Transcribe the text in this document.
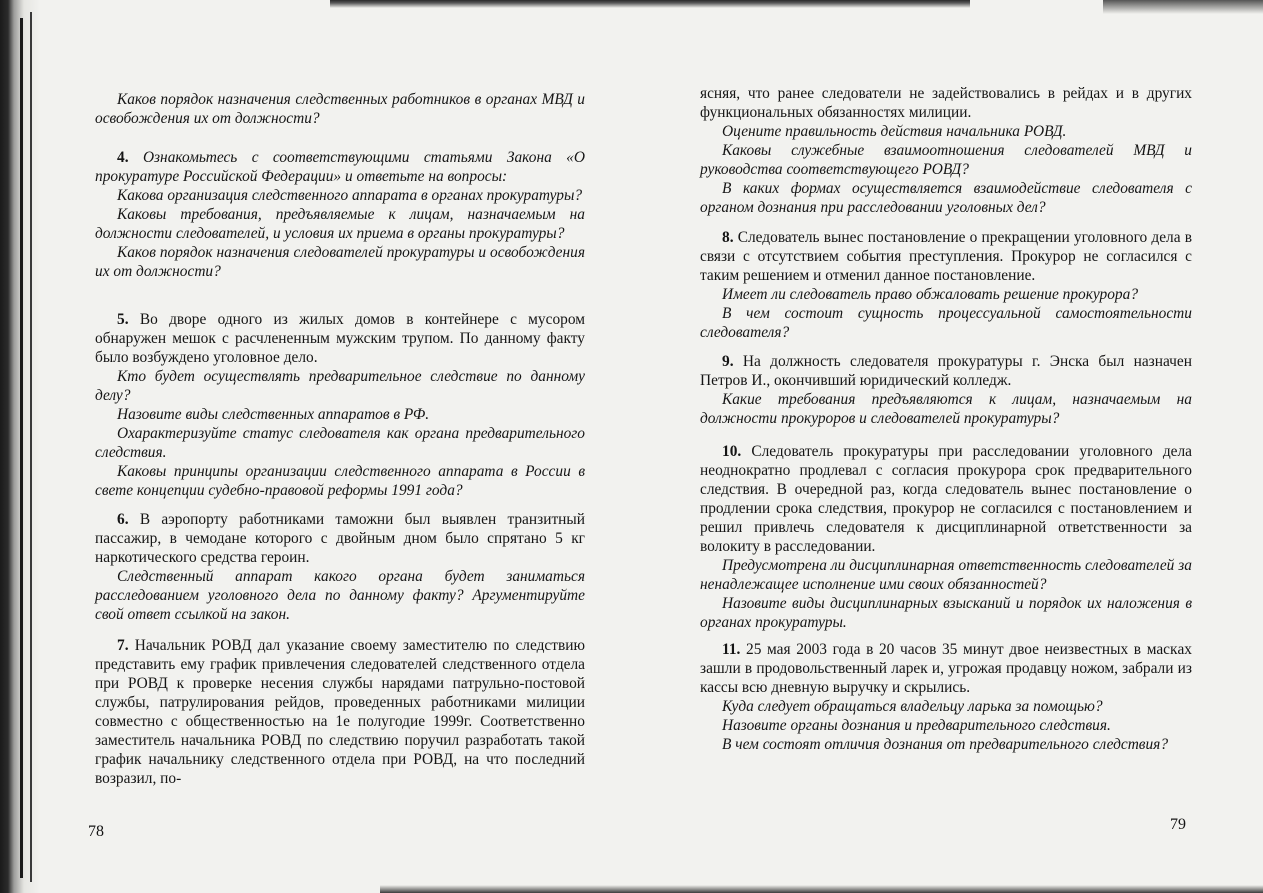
Каков порядок назначения следственных работников в органах МВД и освобождения их от должности?

4. Ознакомьтесь с соответствующими статьями Закона «О прокуратуре Российской Федерации» и ответьте на вопросы:

Какова организация следственного аппарата в органах прокуратуры?

Каковы требования, предъявляемые к лицам, назначаемым на должности следователей, и условия их приема в органы прокуратуры?

Каков порядок назначения следователей прокуратуры и освобождения их от должности?

5. Во дворе одного из жилых домов в контейнере с мусором обнаружен мешок с расчлененным мужским трупом. По данному факту было возбуждено уголовное дело.

Кто будет осуществлять предварительное следствие по данному делу?

Назовите виды следственных аппаратов в РФ.

Охарактеризуйте статус следователя как органа предварительного следствия.

Каковы принципы организации следственного аппарата в России в свете концепции судебно-правовой реформы 1991 года?

6. В аэропорту работниками таможни был выявлен транзитный пассажир, в чемодане которого с двойным дном было спрятано 5 кг наркотического средства героин.

Следственный аппарат какого органа будет заниматься расследованием уголовного дела по данному факту? Аргументируйте свой ответ ссылкой на закон.

7. Начальник РОВД дал указание своему заместителю по следствию представить ему график привлечения следователей следственного отдела при РОВД к проверке несения службы нарядами патрульно-постовой службы, патрулирования рейдов, проведенных работниками милиции совместно с общественностью на 1е полугодие 1999г. Соответственно заместитель начальника РОВД по следствию поручил разработать такой график начальнику следственного отдела при РОВД, на что последний возразил, по-

ясняя, что ранее следователи не задействовались в рейдах и в других функциональных обязанностях милиции.

Оцените правильность действия начальника РОВД.

Каковы служебные взаимоотношения следователей МВД и руководства соответствующего РОВД?

В каких формах осуществляется взаимодействие следователя с органом дознания при расследовании уголовных дел?

8. Следователь вынес постановление о прекращении уголовного дела в связи с отсутствием события преступления. Прокурор не согласился с таким решением и отменил данное постановление.

Имеет ли следователь право обжаловать решение прокурора?

В чем состоит сущность процессуальной самостоятельности следователя?

9. На должность следователя прокуратуры г. Энска был назначен Петров И., окончивший юридический колледж.

Какие требования предъявляются к лицам, назначаемым на должности прокуроров и следователей прокуратуры?

10. Следователь прокуратуры при расследовании уголовного дела неоднократно продлевал с согласия прокурора срок предварительного следствия. В очередной раз, когда следователь вынес постановление о продлении срока следствия, прокурор не согласился с постановлением и решил привлечь следователя к дисциплинарной ответственности за волокиту в расследовании.

Предусмотрена ли дисциплинарная ответственность следователей за ненадлежащее исполнение ими своих обязанностей?

Назовите виды дисциплинарных взысканий и порядок их наложения в органах прокуратуры.

11. 25 мая 2003 года в 20 часов 35 минут двое неизвестных в маскax зашли в продовольственный ларек и, угрожая продавцу ножом, забрали из кассы всю дневную выручку и скрылись.

Куда следует обращаться владельцу ларька за помощью?

Назовите органы дознания и предварительного следствия.

В чем состоят отличия дознания от предварительного следствия?

78	79
